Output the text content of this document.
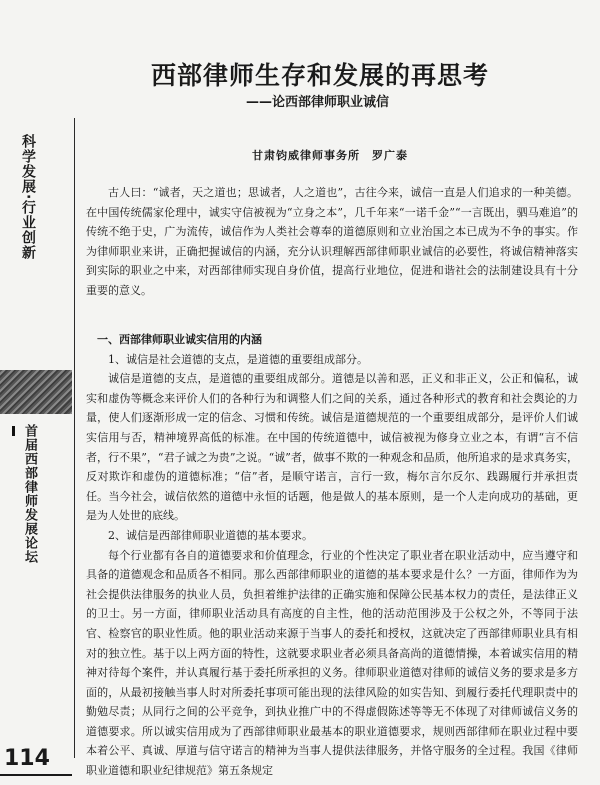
科学发展·行业创新
首届西部律师发展论坛
114
西部律师生存和发展的再思考
——论西部律师职业诚信
甘肃钧威律师事务所　罗广泰

古人曰：“诚者，天之道也；思诚者，人之道也”，古往今来，诚信一直是人们追求的一种美德。在中国传统儒家伦理中，诚实守信被视为“立身之本”，几千年来“一诺千金”“一言既出，驷马难追”的传统不绝于史，广为流传，诚信作为人类社会尊奉的道德原则和立业治国之本已成为不争的事实。作为律师职业来讲，正确把握诚信的内涵，充分认识理解西部律师职业诚信的必要性，将诚信精神落实到实际的职业之中来，对西部律师实现自身价值，提高行业地位，促进和谐社会的法制建设具有十分重要的意义。

一、西部律师职业诚实信用的内涵

1、诚信是社会道德的支点，是道德的重要组成部分。

诚信是道德的支点，是道德的重要组成部分。道德是以善和恶，正义和非正义，公正和偏私，诚实和虚伪等概念来评价人们的各种行为和调整人们之间的关系，通过各种形式的教育和社会舆论的力量，使人们逐渐形成一定的信念、习惯和传统。诚信是道德规范的一个重要组成部分，是评价人们诚实信用与否，精神境界高低的标准。在中国的传统道德中，诚信被视为修身立业之本，有谓“言不信者，行不果”，“君子诚之为贵”之说。“诚”者，做事不欺的一种观念和品质，他所追求的是求真务实，反对欺诈和虚伪的道德标准；“信”者，是顺守诺言，言行一致，梅尔言尔反尔、践踢履行并承担责任。当今社会，诚信依然的道德中永恒的话题，他是做人的基本原则，是一个人走向成功的基础，更是为人处世的底线。

2、诚信是西部律师职业道德的基本要求。

每个行业都有各自的道德要求和价值理念，行业的个性决定了职业者在职业活动中，应当遵守和具备的道德观念和品质各不相同。那么西部律师职业的道德的基本要求是什么？一方面，律师作为为社会提供法律服务的执业人员，负担着维护法律的正确实施和保障公民基本权力的责任，是法律正义的卫士。另一方面，律师职业活动具有高度的自主性，他的活动范围涉及于公权之外，不等同于法官、检察官的职业性质。他的职业活动来源于当事人的委托和授权，这就决定了西部律师职业具有相对的独立性。基于以上两方面的特性，这就要求职业者必须具备高尚的道德情操，本着诚实信用的精神对待每个案件，并认真履行基于委托所承担的义务。律师职业道德对律师的诚信义务的要求是多方面的，从最初接触当事人时对所委托事项可能出现的法律风险的如实告知、到履行委托代理职责中的勤勉尽责；从同行之间的公平竞争，到执业推广中的不得虚假陈述等等无不体现了对律师诚信义务的道德要求。所以诚实信用成为了西部律师职业最基本的职业道德要求，规则西部律师在职业过程中要本着公平、真诚、厚道与信守诺言的精神为当事人提供法律服务，并恪守服务的全过程。我国《律师职业道德和职业纪律规范》第五条规定
